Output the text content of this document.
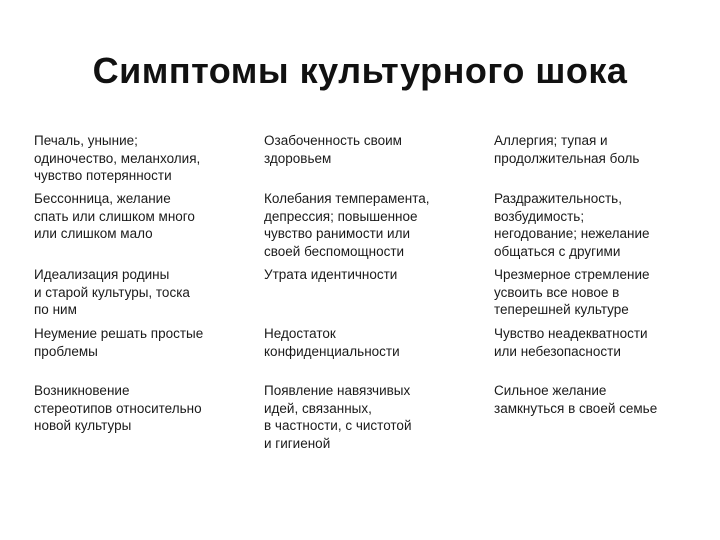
Симптомы культурного шока
Печаль, уныние;
одиночество, меланхолия,
чувство потерянности
Озабоченность своим
здоровьем
Аллергия; тупая и
продолжительная боль
Бессонница, желание
спать или слишком много
или слишком мало
Колебания темперамента,
депрессия; повышенное
чувство ранимости или
своей беспомощности
Раздражительность,
возбудимость;
негодование; нежелание
общаться с другими
Идеализация родины
и старой культуры, тоска
по ним
Утрата идентичности	Чрезмерное стремление
усвоить все новое в
теперешней культуре
Неумение решать простые
проблемы
Недостаток
конфиденциальности
Чувство неадекватности
или небезопасности
Возникновение
стереотипов относительно
новой культуры
Появление навязчивых
идей, связанных,
в частности, с чистотой
и гигиеной
Сильное желание
замкнуться в своей семье
